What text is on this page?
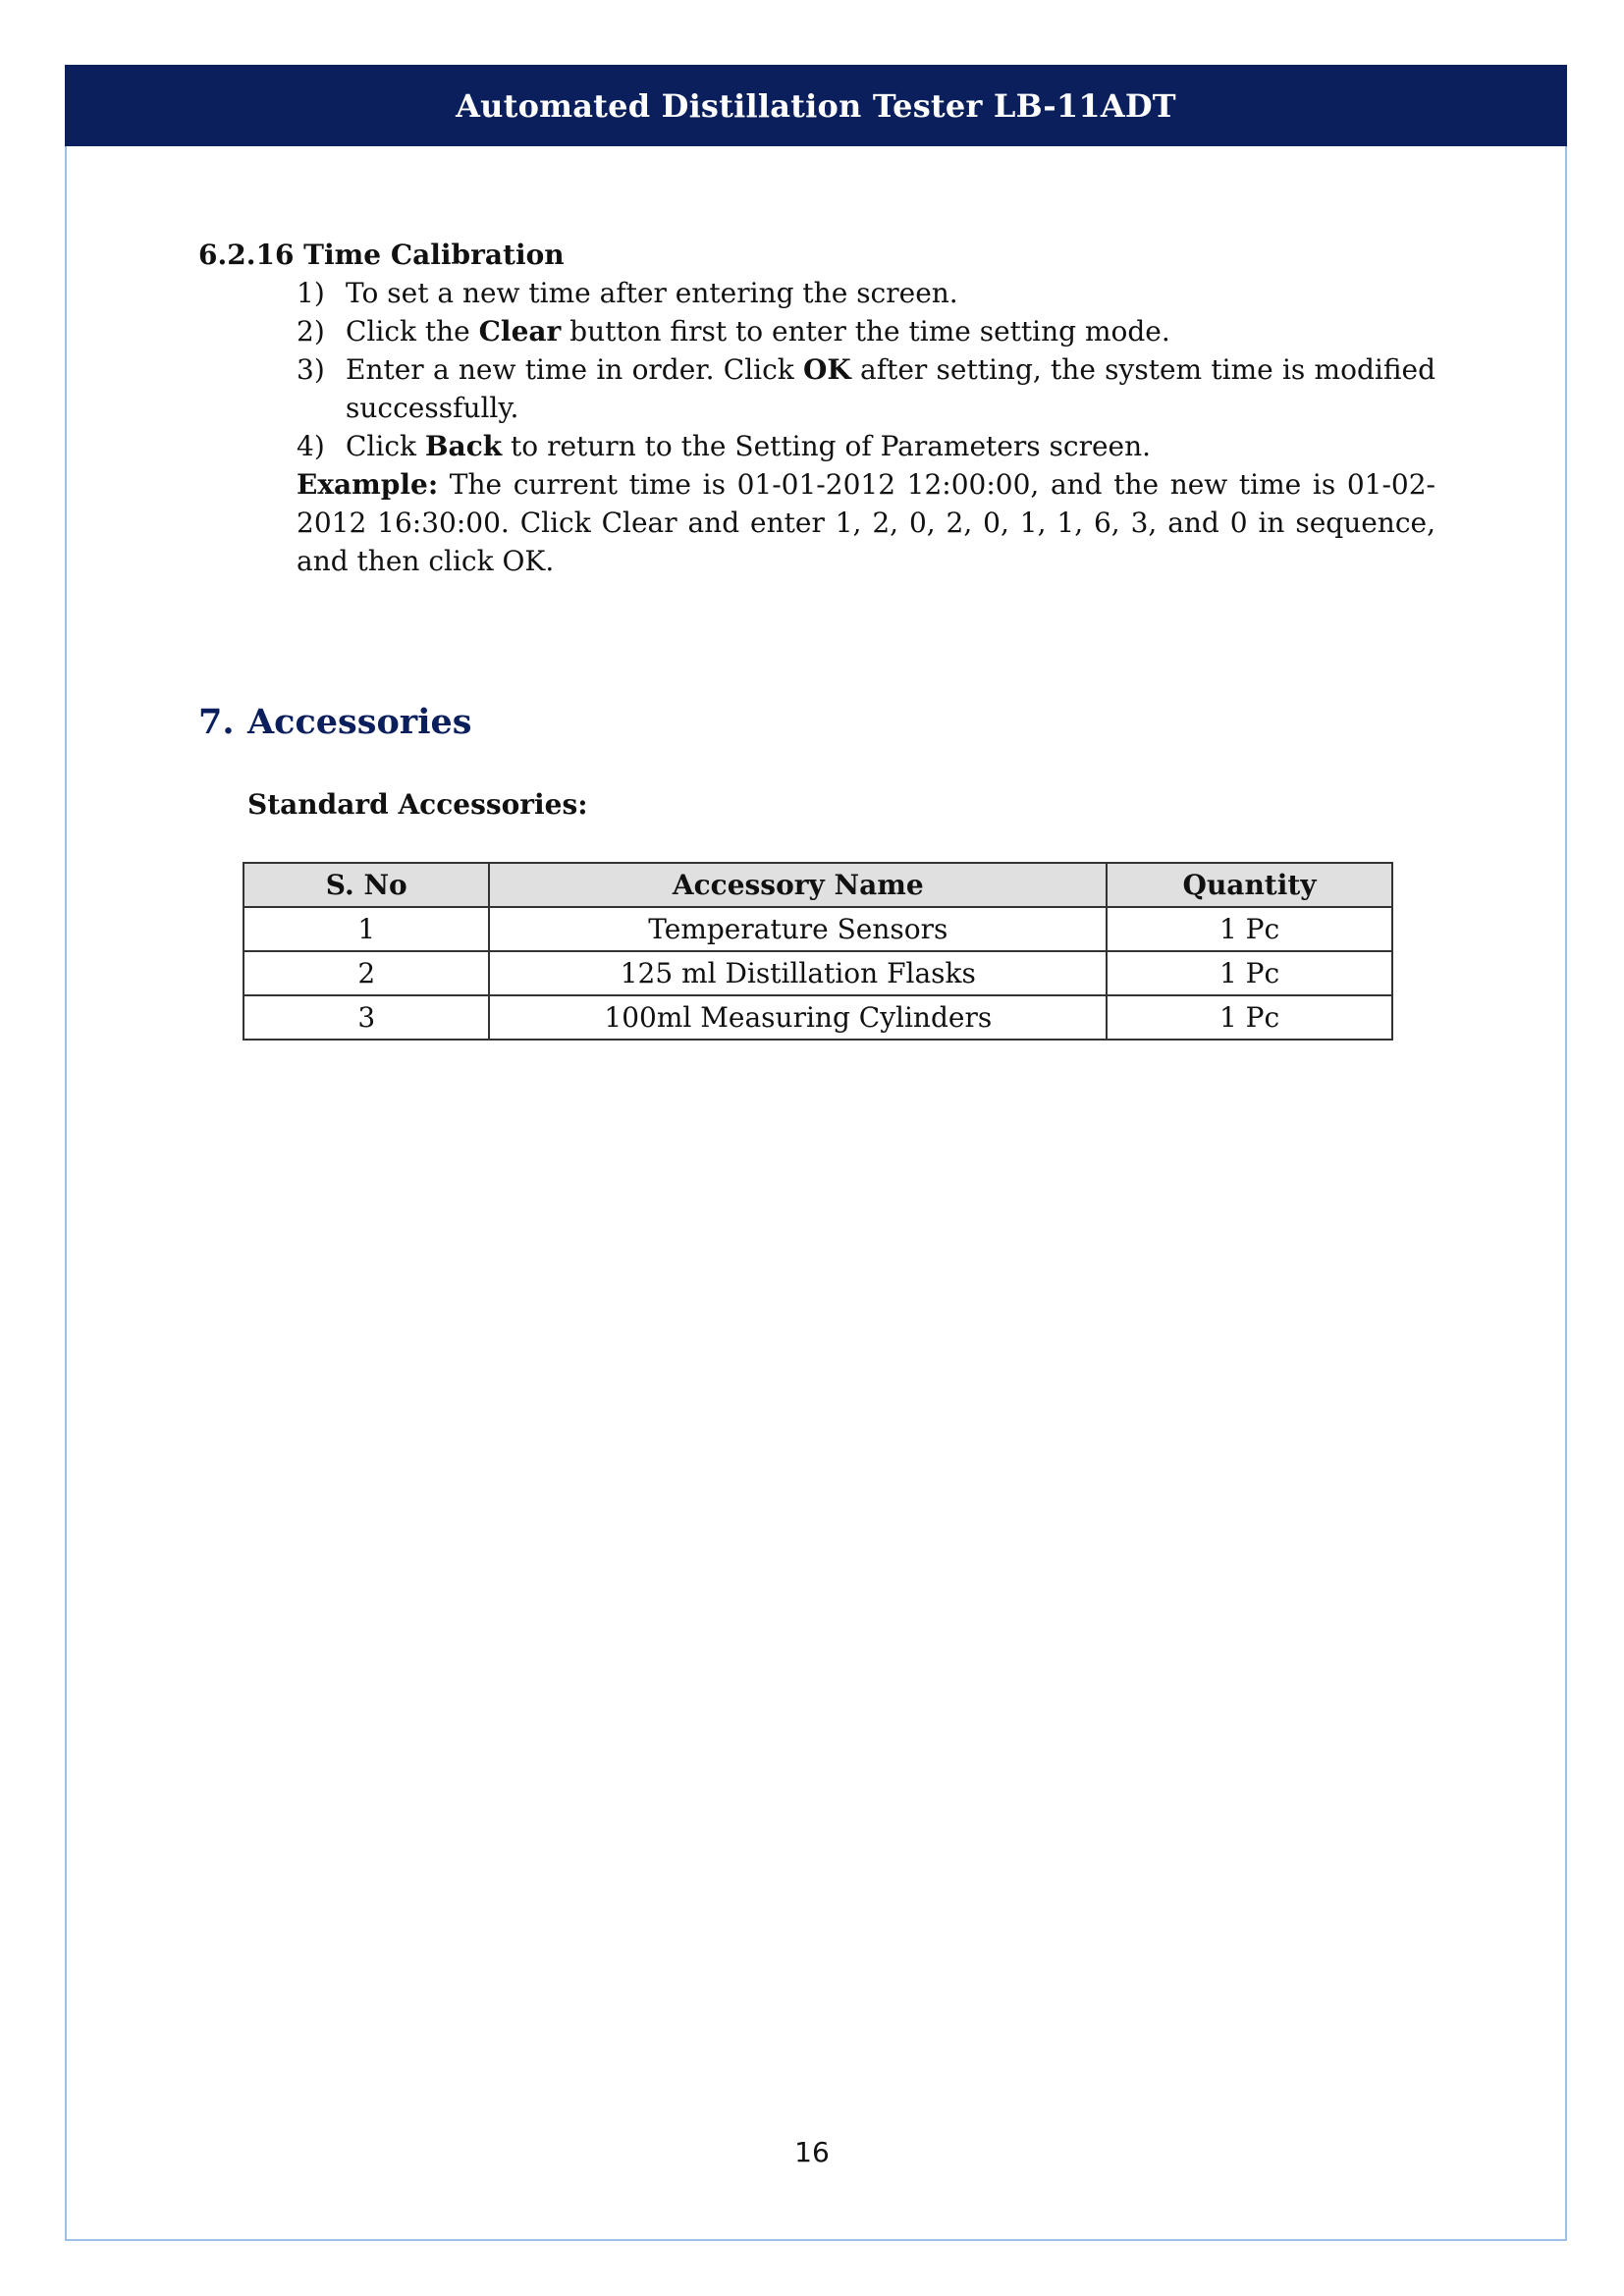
Automated Distillation Tester LB-11ADT

6.2.16 Time Calibration

1) To set a new time after entering the screen.
2) Click the Clear button first to enter the time setting mode.
3) Enter a new time in order. Click OK after setting, the system time is modified successfully.
4) Click Back to return to the Setting of Parameters screen.
Example: The current time is 01-01-2012 12:00:00, and the new time is 01-02-2012 16:30:00. Click Clear and enter 1, 2, 0, 2, 0, 1, 1, 6, 3, and 0 in sequence, and then click OK.
7. Accessories
Standard Accessories:
S. No	Accessory Name	Quantity
1	Temperature Sensors	1 Pc
2	125 ml Distillation Flasks	1 Pc
3	100ml Measuring Cylinders	1 Pc
16
